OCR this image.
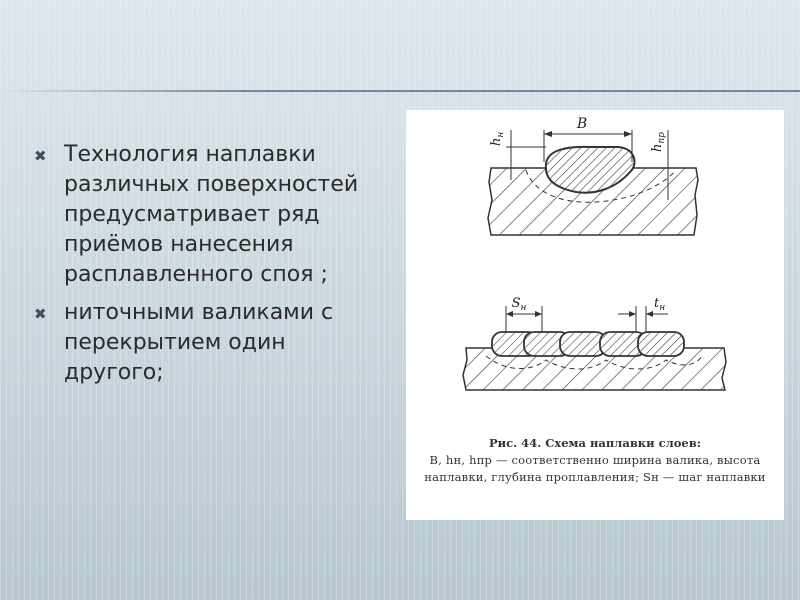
✖ Технология наплавки различных поверхностей предусматривает ряд приёмов нанесения расплавленного споя ;
✖ ниточными валиками с перекрытием один другого;
B
$h_н$
$h_{пр}$
$S_н$	$t_н$
Рис. 44. Схема наплавки слоев:
B, hн, hпр — соответственно ширина валика, высота наплавки, глубина проплавления; Sн — шаг наплавки
